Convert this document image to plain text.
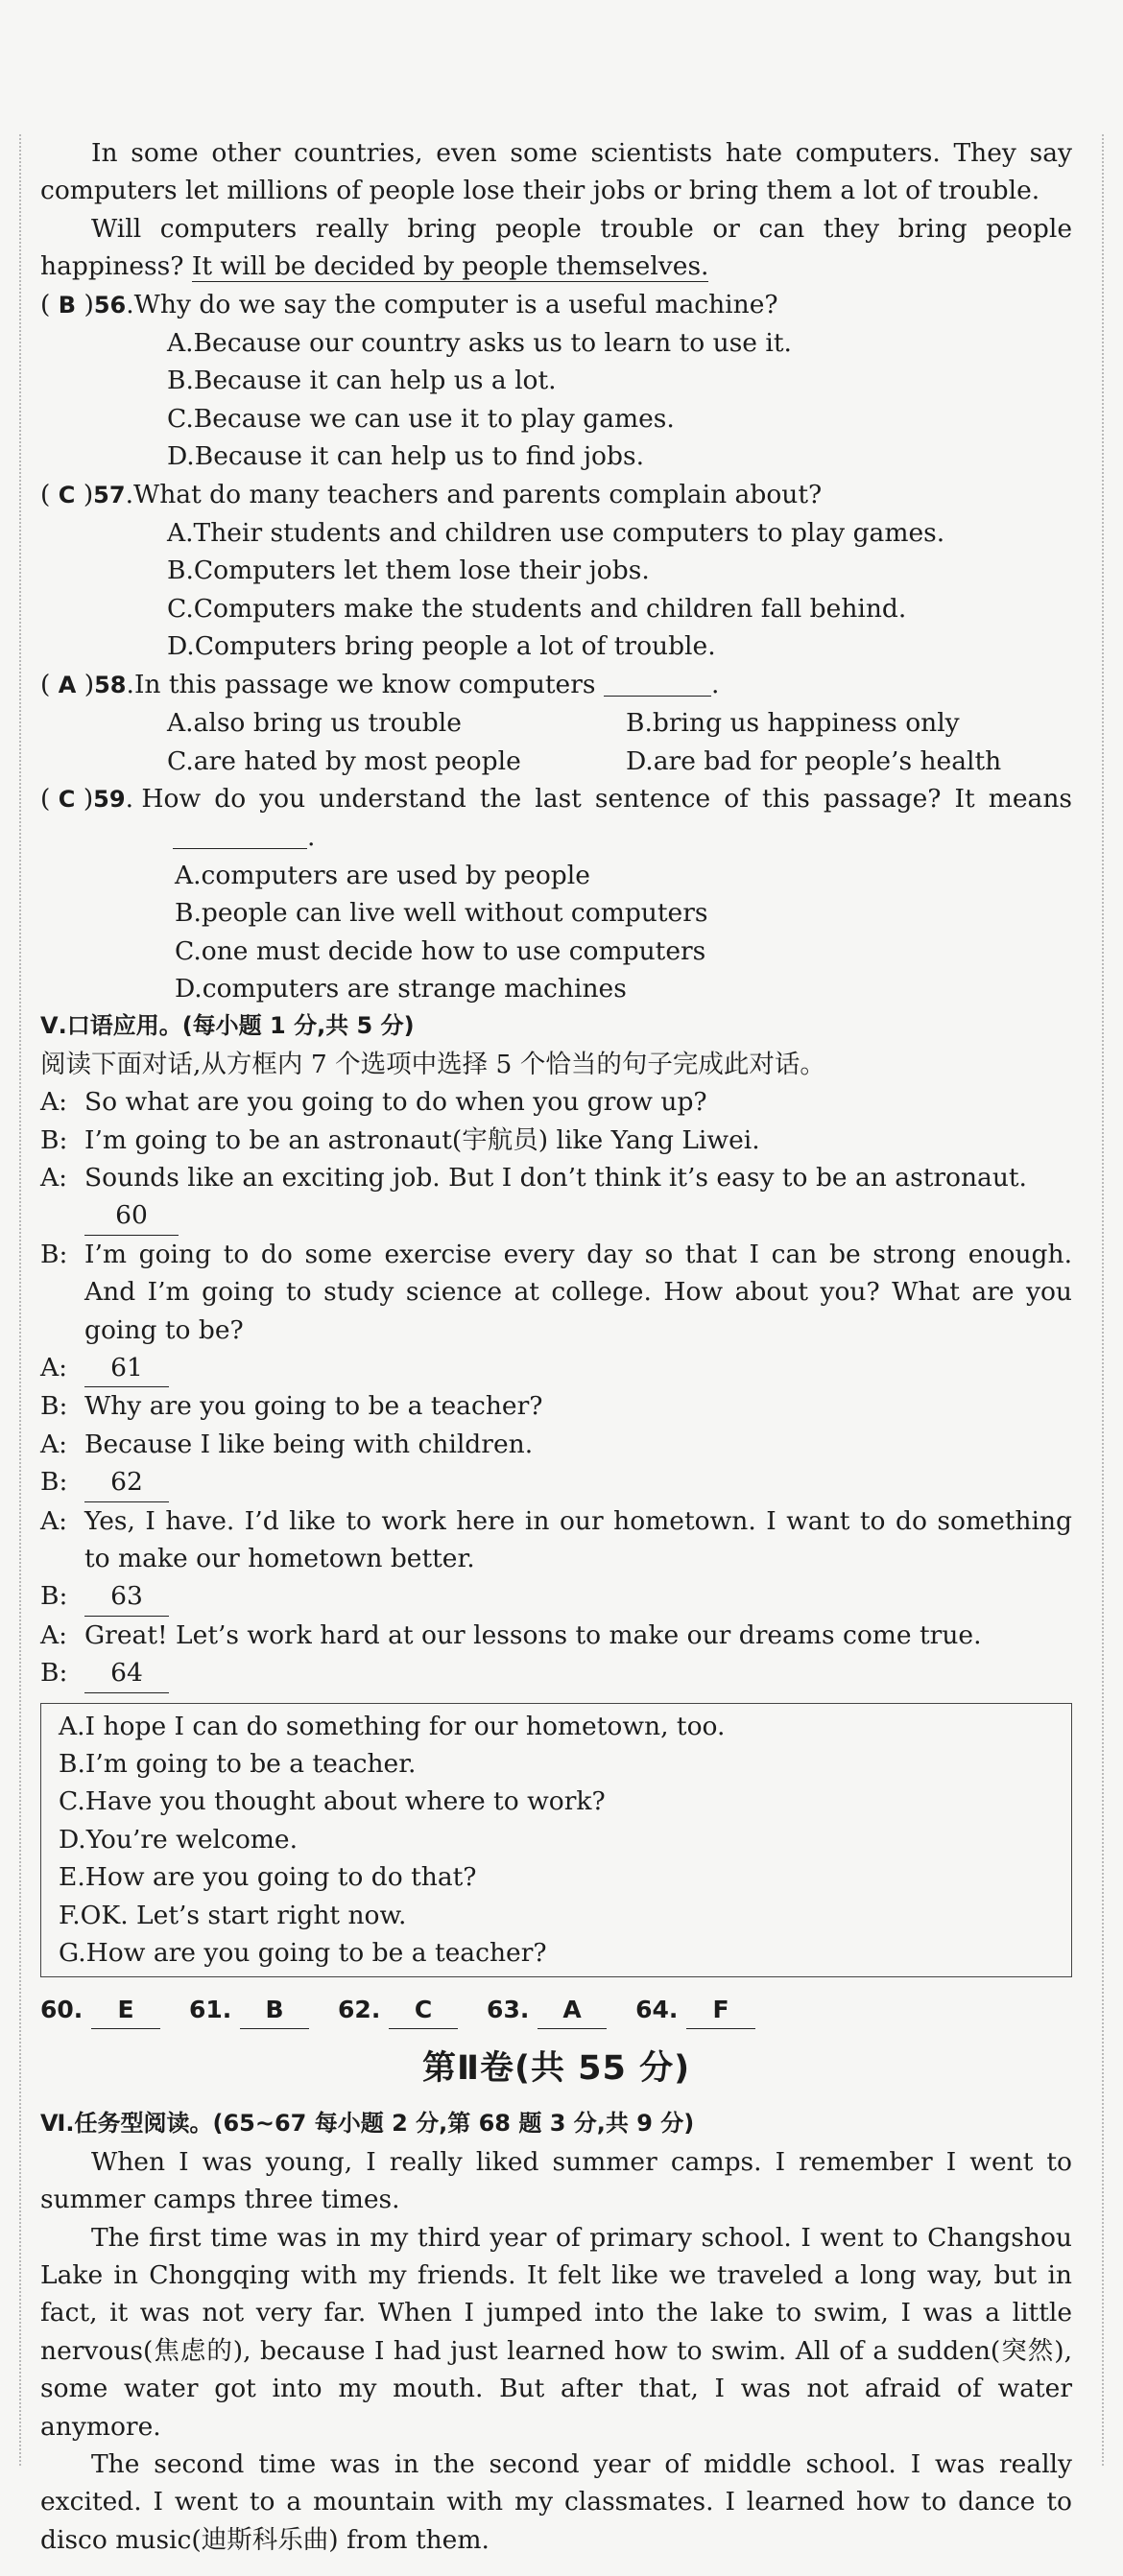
In some other countries, even some scientists hate computers. They say computers let millions of people lose their jobs or bring them a lot of trouble.

Will computers really bring people trouble or can they bring people happiness? It will be decided by people themselves.

( B )56. Why do we say the computer is a useful machine?

A.Because our country asks us to learn to use it.

B.Because it can help us a lot.

C.Because we can use it to play games.

D.Because it can help us to find jobs.

( C )57. What do many teachers and parents complain about?

A.Their students and children use computers to play games.

B.Computers let them lose their jobs.

C.Computers make the students and children fall behind.

D.Computers bring people a lot of trouble.

( A )58. In this passage we know computers	.
A.also bring us trouble	B.bring us happiness only
C.are hated by most people	D.are bad for people’s health
( C )59. How do you understand the last sentence of this passage? It means

.

A.computers are used by people

B.people can live well without computers

C.one must decide how to use computers

D.computers are strange machines

Ⅴ.口语应用。(每小题 1 分,共 5 分)

阅读下面对话,从方框内 7 个选项中选择 5 个恰当的句子完成此对话。

A: So what are you going to do when you grow up?
B: I’m going to be an astronaut(宇航员) like Yang Liwei.
A: Sounds like an exciting job. But I don’t think it’s easy to be an astronaut. 60
B: I’m going to do some exercise every day so that I can be strong enough. And I’m going to study science at college. How about you? What are you going to be?
A:	61
B: Why are you going to be a teacher?
A: Because I like being with children.
B:	62
A: Yes, I have. I’d like to work here in our hometown. I want to do something to make our hometown better.
B:	63
A: Great! Let’s work hard at our lessons to make our dreams come true.
B:	64

A.I hope I can do something for our hometown, too.

B.I’m going to be a teacher.

C.Have you thought about where to work?

D.You’re welcome.

E.How are you going to do that?

F.OK. Let’s start right now.

G.How are you going to be a teacher?

60. E	61. B	62. C	63. A	64. F
第Ⅱ卷(共 55 分)

Ⅵ.任务型阅读。(65~67 每小题 2 分,第 68 题 3 分,共 9 分)

When I was young, I really liked summer camps. I remember I went to summer camps three times.

The first time was in my third year of primary school. I went to Changshou Lake in Chongqing with my friends. It felt like we traveled a long way, but in fact, it was not very far. When I jumped into the lake to swim, I was a little nervous(焦虑的), because I had just learned how to swim. All of a sudden(突然), some water got into my mouth. But after that, I was not afraid of water anymore.

The second time was in the second year of middle school. I was really excited. I went to a mountain with my classmates. I learned how to dance to disco music(迪斯科乐曲) from them.
